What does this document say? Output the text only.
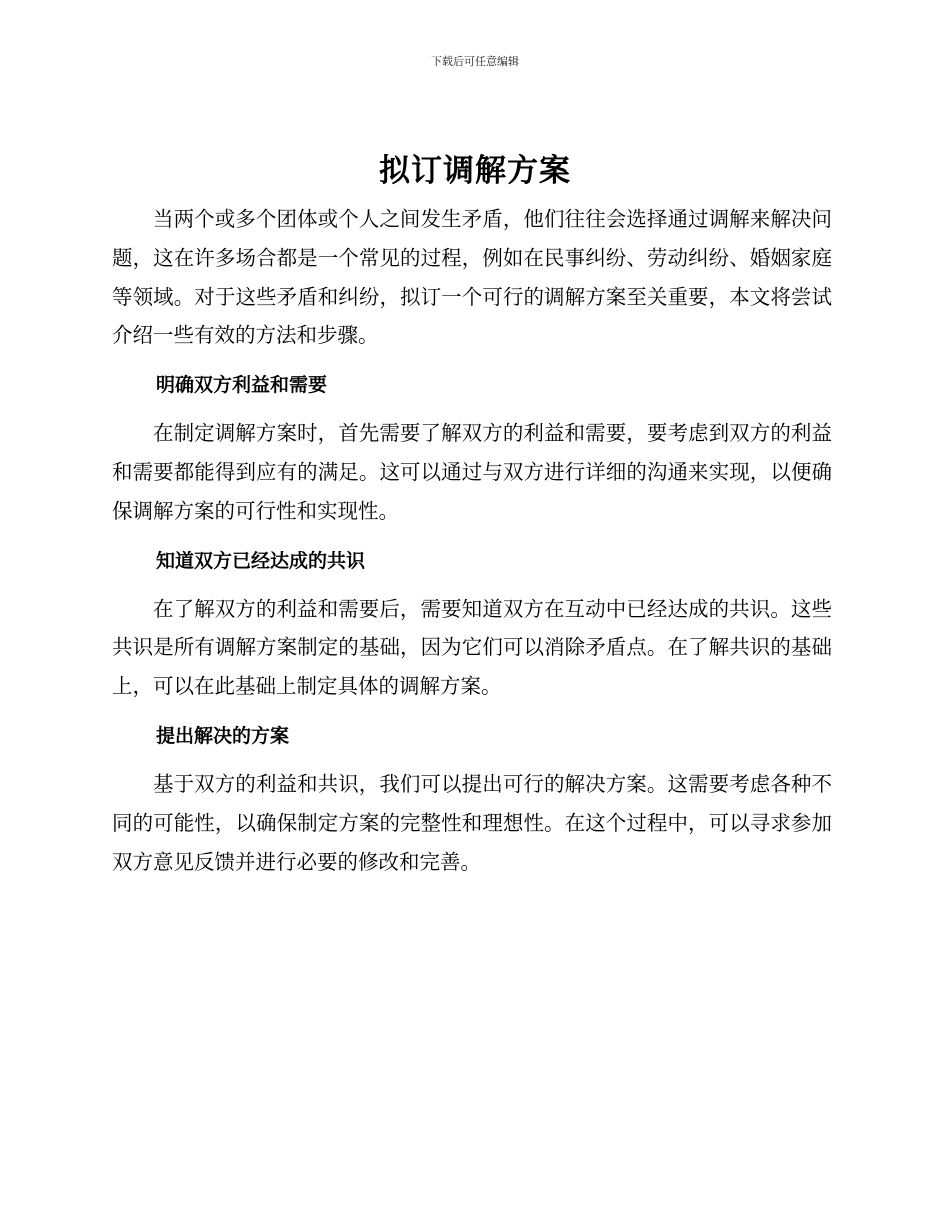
下载后可任意编辑

拟订调解方案

当两个或多个团体或个人之间发生矛盾，他们往往会选择通过调解来解决问题，这在许多场合都是一个常见的过程，例如在民事纠纷、劳动纠纷、婚姻家庭等领域。对于这些矛盾和纠纷，拟订一个可行的调解方案至关重要，本文将尝试介绍一些有效的方法和步骤。

明确双方利益和需要

在制定调解方案时，首先需要了解双方的利益和需要，要考虑到双方的利益和需要都能得到应有的满足。这可以通过与双方进行详细的沟通来实现，以便确保调解方案的可行性和实现性。

知道双方已经达成的共识

在了解双方的利益和需要后，需要知道双方在互动中已经达成的共识。这些共识是所有调解方案制定的基础，因为它们可以消除矛盾点。在了解共识的基础上，可以在此基础上制定具体的调解方案。

提出解决的方案

基于双方的利益和共识，我们可以提出可行的解决方案。这需要考虑各种不同的可能性，以确保制定方案的完整性和理想性。在这个过程中，可以寻求参加双方意见反馈并进行必要的修改和完善。
